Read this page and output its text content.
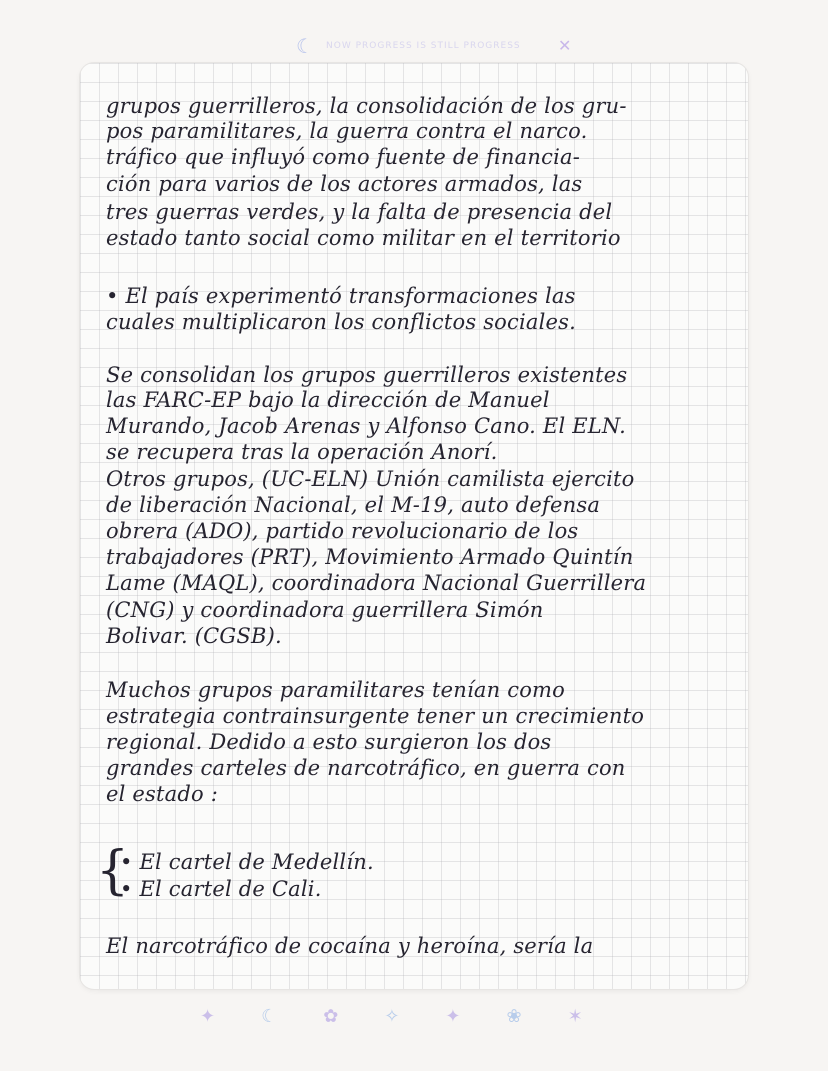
☾ NOW PROGRESS IS STILL PROGRESS ✕
grupos guerrilleros, la consolidación de los gru-
pos paramilitares, la guerra contra el narco.
tráfico que influyó como fuente de financia-
ción para varios de los actores armados, las
tres guerras verdes, y la falta de presencia del
estado tanto social como militar en el territorio
• El país experimentó transformaciones las
cuales multiplicaron los conflictos sociales.
Se consolidan los grupos guerrilleros existentes
las FARC-EP bajo la dirección de Manuel
Murando, Jacob Arenas y Alfonso Cano. El ELN.
se recupera tras la operación Anorí.
Otros grupos, (UC-ELN) Unión camilista ejercito
de liberación Nacional, el M-19, auto defensa
obrera (ADO), partido revolucionario de los
trabajadores (PRT), Movimiento Armado Quintín
Lame (MAQL), coordinadora Nacional Guerrillera
(CNG) y coordinadora guerrillera Simón
Bolivar. (CGSB).
Muchos grupos paramilitares tenían como
estrategia contrainsurgente tener un crecimiento
regional. Dedido a esto surgieron los dos
grandes carteles de narcotráfico, en guerra con
el estado :
{
• El cartel de Medellín.
• El cartel de Cali.
El narcotráfico de cocaína y heroína, sería la
✦	☾	✿	✧	✦	❀	✶
